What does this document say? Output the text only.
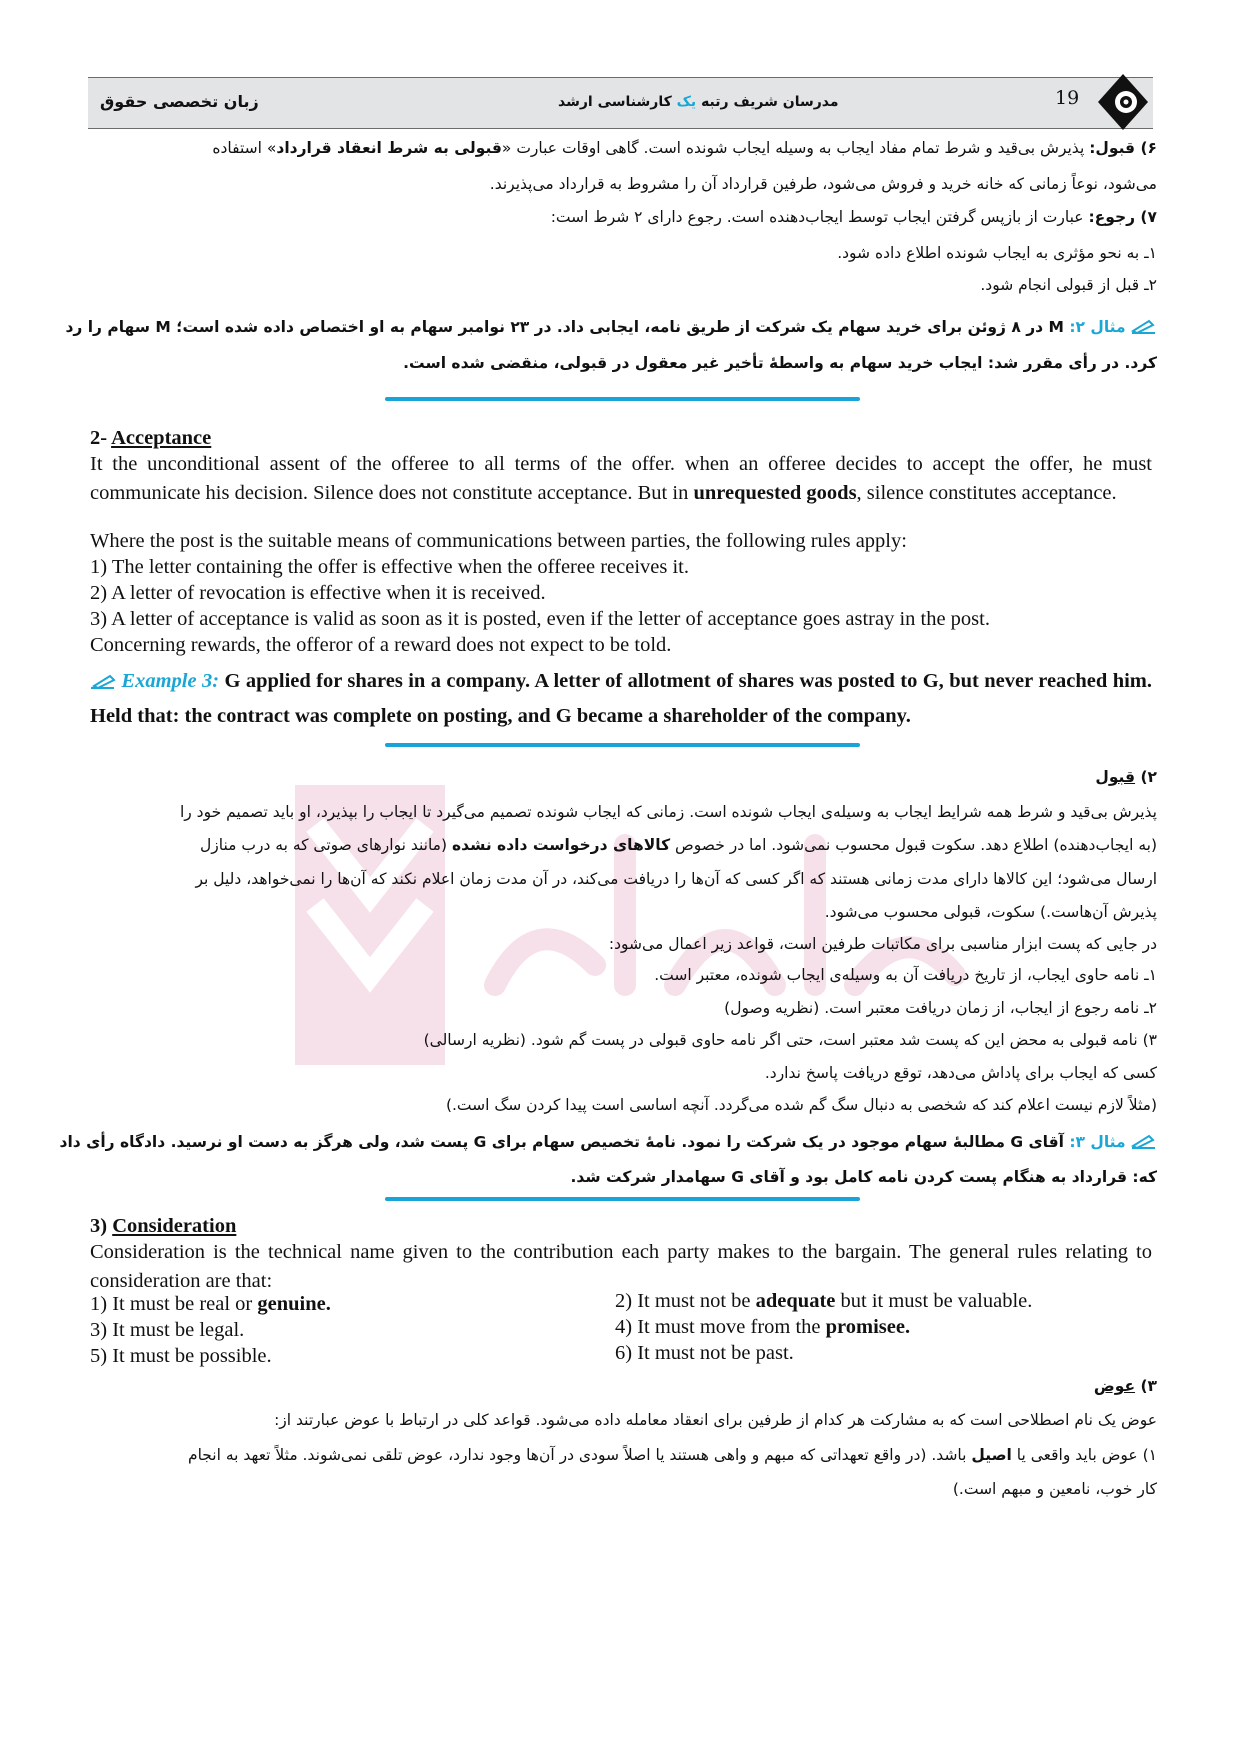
زبان تخصصی حقوق	مدرسان شریف رتبه یک کارشناسی ارشد	19
۶) قبول: پذیرش بی‌قید و شرط تمام مفاد ایجاب به وسیله ایجاب شونده است. گاهی اوقات عبارت «قبولی به شرط انعقاد قرارداد» استفاده
می‌شود، نوعاً زمانی که خانه خرید و فروش می‌شود، طرفین قرارداد آن را مشروط به قرارداد می‌پذیرند.
۷) رجوع: عبارت از بازپس گرفتن ایجاب توسط ایجاب‌دهنده است. رجوع دارای ۲ شرط است:
۱ـ به نحو مؤثری به ایجاب شونده اطلاع داده شود.
۲ـ قبل از قبولی انجام شود.
مثال ۲: M در ۸ ژوئن برای خرید سهام یک شرکت از طریق نامه، ایجابی داد. در ۲۳ نوامبر سهام به او اختصاص داده شده است؛ M سهام را رد
کرد. در رأی مقرر شد: ایجاب خرید سهام به واسطهٔ تأخیر غیر معقول در قبولی، منقضی شده است.
2- Acceptance
It the unconditional assent of the offeree to all terms of the offer. when an offeree decides to accept the offer, he must communicate his decision. Silence does not constitute acceptance. But in unrequested goods, silence constitutes acceptance.
Where the post is the suitable means of communications between parties, the following rules apply:
1) The letter containing the offer is effective when the offeree receives it.
2) A letter of revocation is effective when it is received.
3) A letter of acceptance is valid as soon as it is posted, even if the letter of acceptance goes astray in the post.
Concerning rewards, the offeror of a reward does not expect to be told.
Example 3: G applied for shares in a company. A letter of allotment of shares was posted to G, but never reached him. Held that: the contract was complete on posting, and G became a shareholder of the company.
۲) قبول
پذیرش بی‌قید و شرط همه شرایط ایجاب به وسیله‌ی ایجاب شونده است. زمانی که ایجاب شونده تصمیم می‌گیرد تا ایجاب را بپذیرد، او باید تصمیم خود را
(به ایجاب‌دهنده) اطلاع دهد. سکوت قبول محسوب نمی‌شود. اما در خصوص کالاهای درخواست داده نشده (مانند نوارهای صوتی که به درب منازل
ارسال می‌شود؛ این کالاها دارای مدت زمانی هستند که اگر کسی که آن‌ها را دریافت می‌کند، در آن مدت زمان اعلام نکند که آن‌ها را نمی‌خواهد، دلیل بر
پذیرش آن‌هاست.) سکوت، قبولی محسوب می‌شود.
در جایی که پست ابزار مناسبی برای مکاتبات طرفین است، قواعد زیر اعمال می‌شود:
۱ـ نامه حاوی ایجاب، از تاریخ دریافت آن به وسیله‌ی ایجاب شونده، معتبر است.
۲ـ نامه رجوع از ایجاب، از زمان دریافت معتبر است. (نظریه وصول)
۳) نامه قبولی به محض این که پست شد معتبر است، حتی اگر نامه حاوی قبولی در پست گم شود. (نظریه ارسالی)
کسی که ایجاب برای پاداش می‌دهد، توقع دریافت پاسخ ندارد.
(مثلاً لازم نیست اعلام کند که شخصی به دنبال سگ گم شده می‌گردد. آنچه اساسی است پیدا کردن سگ است.)
مثال ۳: آقای G مطالبهٔ سهام موجود در یک شرکت را نمود. نامهٔ تخصیص سهام برای G پست شد، ولی هرگز به دست او نرسید. دادگاه رأی داد
که: قرارداد به هنگام پست کردن نامه کامل بود و آقای G سهامدار شرکت شد.
3) Consideration
Consideration is the technical name given to the contribution each party makes to the bargain. The general rules relating to consideration are that:
1) It must be real or genuine.	2) It must not be adequate but it must be valuable.
3) It must be legal.	4) It must move from the promisee.
5) It must be possible.	6) It must not be past.
۳) عوض
عوض یک نام اصطلاحی است که به مشارکت هر کدام از طرفین برای انعقاد معامله داده می‌شود. قواعد کلی در ارتباط با عوض عبارتند از:
۱) عوض باید واقعی یا اصیل باشد. (در واقع تعهداتی که مبهم و واهی هستند یا اصلاً سودی در آن‌ها وجود ندارد، عوض تلقی نمی‌شوند. مثلاً تعهد به انجام
کار خوب، نامعین و مبهم است.)
